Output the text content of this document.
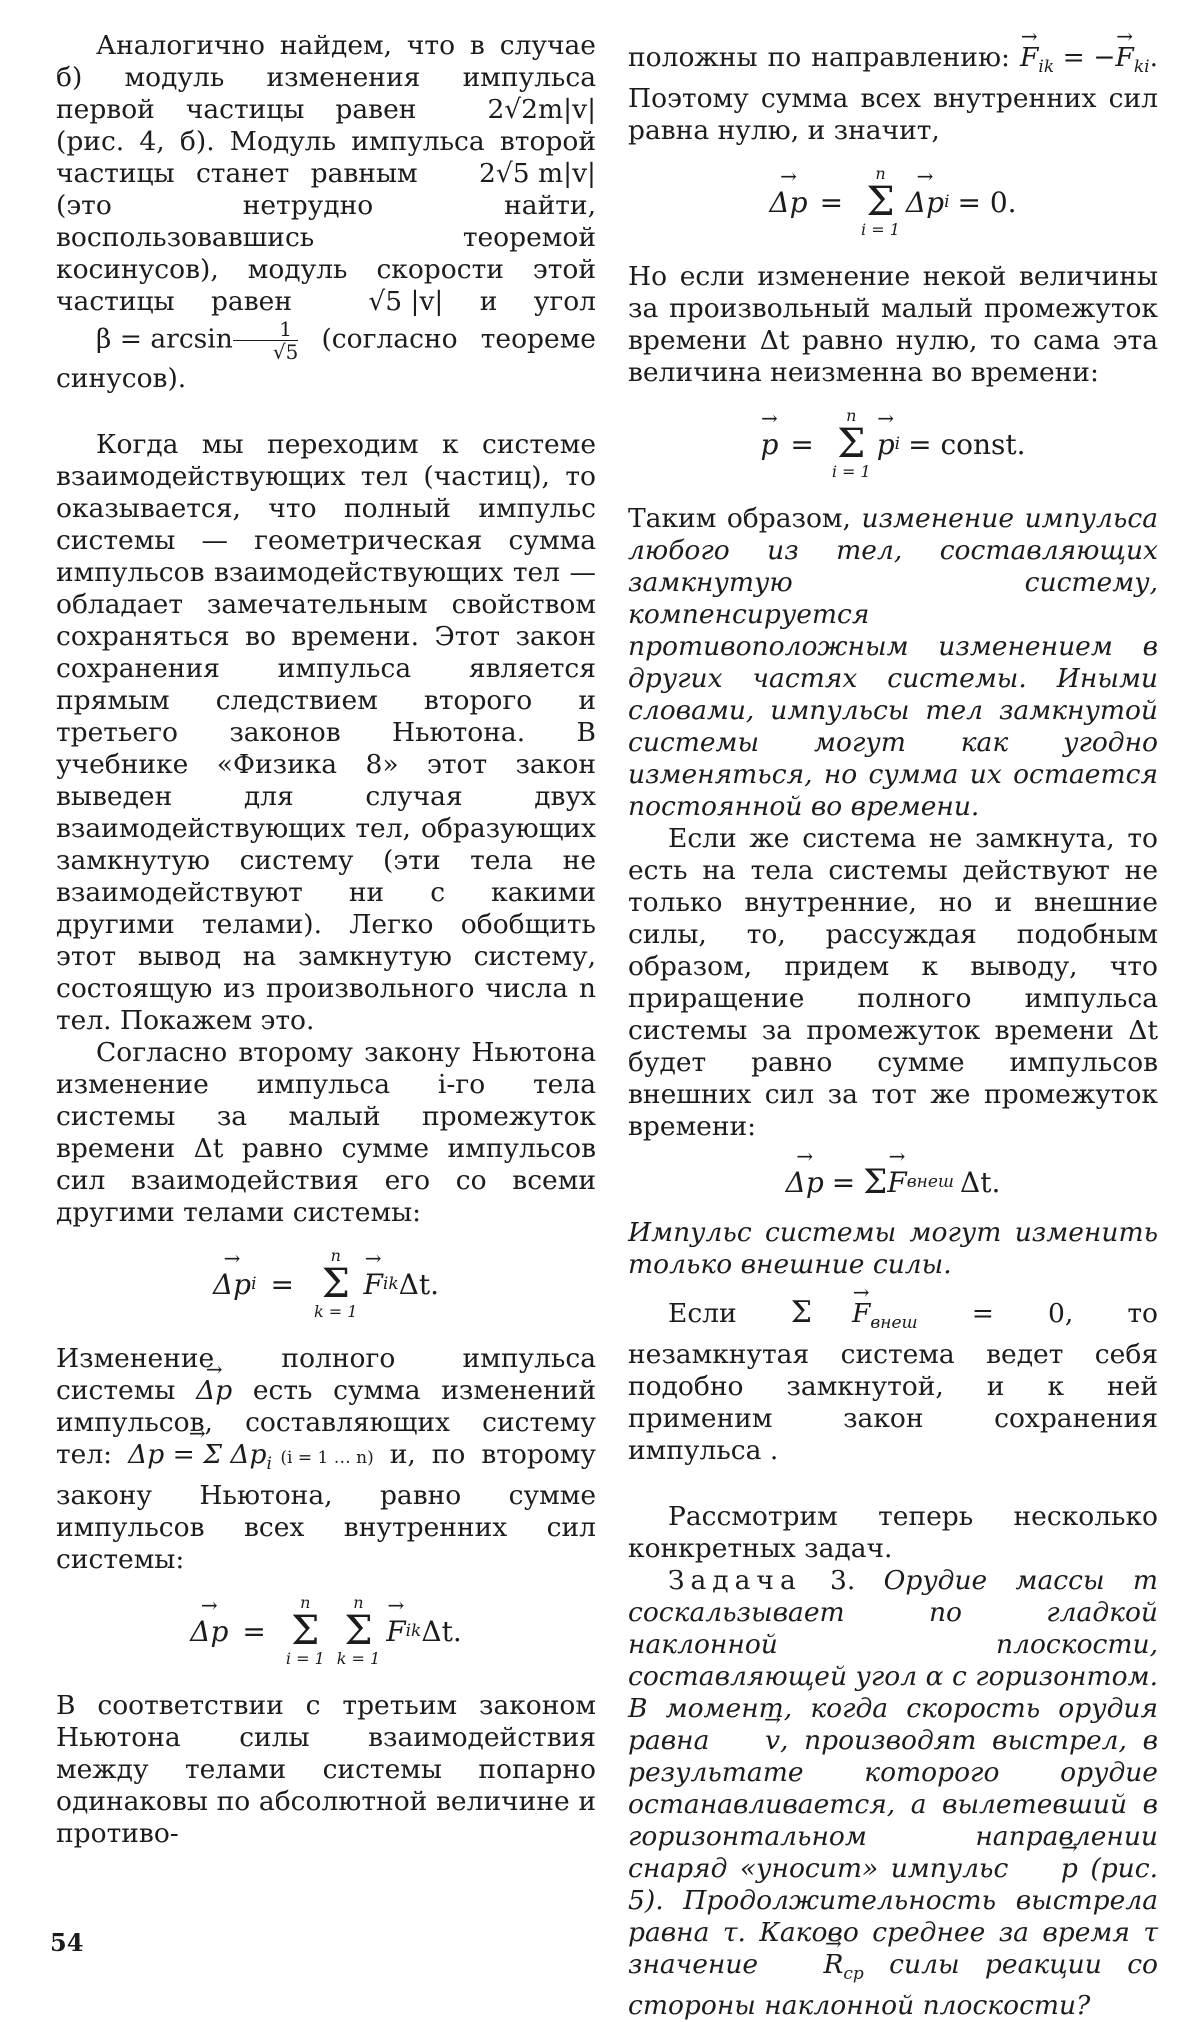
Аналогично найдем, что в случае б) модуль изменения импульса первой частицы равен 2√2m|v| (рис. 4, б). Модуль импульса второй частицы станет равным 2√5 m|v| (это нетрудно найти, воспользовавшись теоремой косинусов), модуль скорости этой частицы равен √5 |v| и угол $\beta = \arcsin \frac{1}{√5}$ (согласно теореме синусов).

Когда мы переходим к системе взаимодействующих тел (частиц), то оказывается, что полный импульс системы — геометрическая сумма импульсов взаимодействующих тел — обладает замечательным свойством сохраняться во времени. Этот закон сохранения импульса является прямым следствием второго и третьего законов Ньютона. В учебнике «Физика 8» этот закон выведен для случая двух взаимодействующих тел, образующих замкнутую систему (эти тела не взаимодействуют ни с какими другими телами). Легко обобщить этот вывод на замкнутую систему, состоящую из произвольного числа n тел. Покажем это.

Согласно второму закону Ньютона изменение импульса i-го тела системы за малый промежуток времени Δt равно сумме импульсов сил взаимодействия его со всеми другими телами системы:

→ Δp i =
n
Σ
k = 1
→ F ik Δt.

Изменение полного импульса системы → Δp есть сумма изменений импульсов, составляющих систему тел: → Δp = Σ $\Delta p_i$ (i = 1 … n) и, по второму закону Ньютона, равно сумме импульсов всех внутренних сил системы:

→ Δp =
n
Σ
i = 1
n
Σ
k = 1
→ F ik Δt.

В соответствии с третьим законом Ньютона силы взаимодействия между телами системы попарно одинаковы по абсолютной величине и противо-

положны по направлению: → $F_{ik}$ = −→ $F_{ki}$. Поэтому сумма всех внутренних сил равна нулю, и значит,

→ Δp =
n
Σ
i = 1
→ Δp i = 0.

Но если изменение некой величины за произвольный малый промежуток времени Δt равно нулю, то сама эта величина неизменна во времени:

→ p =
n
Σ
i = 1
→ p i = const.

Таким образом, изменение импульса любого из тел, составляющих замкнутую систему, компенсируется противоположным изменением в других частях системы. Иными словами, импульсы тел замкнутой системы могут как угодно изменяться, но сумма их остается постоянной во времени.

Если же система не замкнута, то есть на тела системы действуют не только внутренние, но и внешние силы, то, рассуждая подобным образом, придем к выводу, что приращение полного импульса системы за промежуток времени Δt будет равно сумме импульсов внешних сил за тот же промежуток времени:

→ Δp = Σ → F внеш Δt.

Импульс системы могут изменить только внешние силы.

Если $\Sigma \to F_{внеш} = 0$, то незамкнутая система ведет себя подобно замкнутой, и к ней применим закон сохранения импульса .

Рассмотрим теперь несколько конкретных задач.

Задача 3. Орудие массы m соскальзывает по гладкой наклонной плоскости, составляющей угол α с горизонтом. В момент, когда скорость орудия равна → v, производят выстрел, в результате которого орудие останавливается, а вылетевший в горизонтальном направлении снаряд «уносит» импульс → p (рис. 5). Продолжительность выстрела равна τ. Каково среднее за время τ значение → $R_{ср}$ силы реакции со стороны наклонной плоскости?

54
